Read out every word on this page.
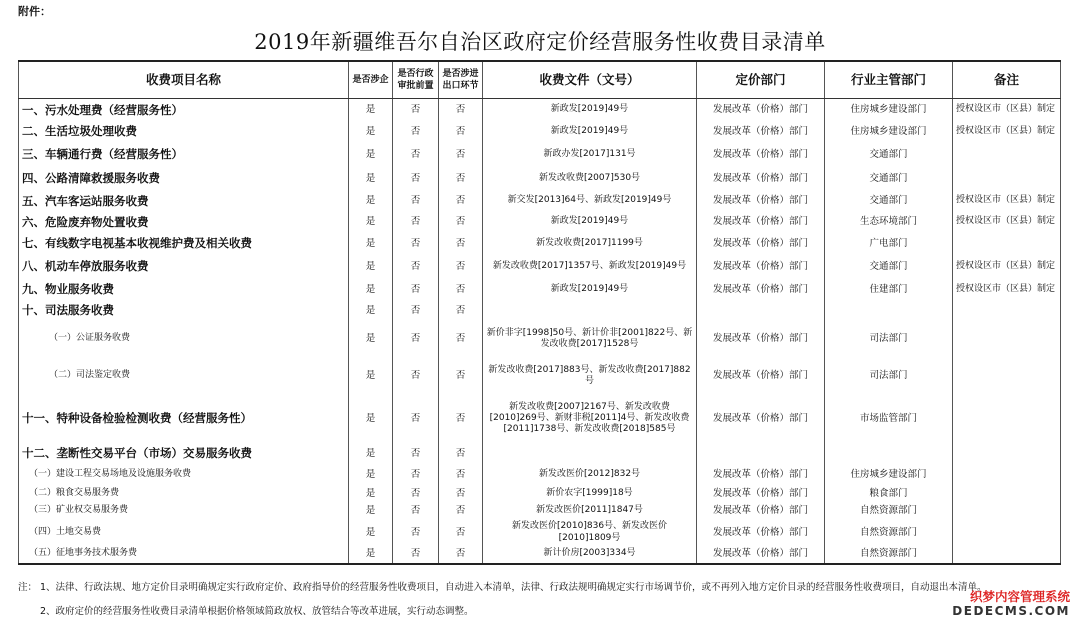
附件：
2019年新疆维吾尔自治区政府定价经营服务性收费目录清单
收费项目名称	是否涉企	是否行政审批前置	是否涉进出口环节	收费文件（文号）	定价部门	行业主管部门	备注
一、污水处理费（经营服务性）	是	否	否	新政发[2019]49号	发展改革（价格）部门	住房城乡建设部门	授权设区市（区县）制定
二、生活垃圾处理收费	是	否	否	新政发[2019]49号	发展改革（价格）部门	住房城乡建设部门	授权设区市（区县）制定
三、车辆通行费（经营服务性）	是	否	否	新政办发[2017]131号	发展改革（价格）部门	交通部门	
四、公路清障救援服务收费	是	否	否	新发改收费[2007]530号	发展改革（价格）部门	交通部门	
五、汽车客运站服务收费	是	否	否	新交发[2013]64号、新政发[2019]49号	发展改革（价格）部门	交通部门	授权设区市（区县）制定
六、危险废弃物处置收费	是	否	否	新政发[2019]49号	发展改革（价格）部门	生态环境部门	授权设区市（区县）制定
七、有线数字电视基本收视维护费及相关收费	是	否	否	新发改收费[2017]1199号	发展改革（价格）部门	广电部门	
八、机动车停放服务收费	是	否	否	新发改收费[2017]1357号、新政发[2019]49号	发展改革（价格）部门	交通部门	授权设区市（区县）制定
九、物业服务收费	是	否	否	新政发[2019]49号	发展改革（价格）部门	住建部门	授权设区市（区县）制定
十、司法服务收费	是	否	否				
（一）公证服务收费	是	否	否	新价非字[1998]50号、新计价非[2001]822号、新发改收费[2017]1528号	发展改革（价格）部门	司法部门	
（二）司法鉴定收费	是	否	否	新发改收费[2017]883号、新发改收费[2017]882号	发展改革（价格）部门	司法部门	
十一、特种设备检验检测收费（经营服务性）	是	否	否	新发改收费[2007]2167号、新发改收费[2010]269号、新财非税[2011]4号、新发改收费[2011]1738号、新发改收费[2018]585号	发展改革（价格）部门	市场监管部门	
十二、垄断性交易平台（市场）交易服务收费	是	否	否				
（一）建设工程交易场地及设施服务收费	是	否	否	新发改医价[2012]832号	发展改革（价格）部门	住房城乡建设部门	
（二）粮食交易服务费	是	否	否	新价农字[1999]18号	发展改革（价格）部门	粮食部门	
（三）矿业权交易服务费	是	否	否	新发改医价[2011]1847号	发展改革（价格）部门	自然资源部门	
（四）土地交易费	是	否	否	新发改医价[2010]836号、新发改医价[2010]1809号	发展改革（价格）部门	自然资源部门	
（五）征地事务技术服务费	是	否	否	新计价房[2003]334号	发展改革（价格）部门	自然资源部门	
注： 1、法律、行政法规、地方定价目录明确规定实行政府定价、政府指导价的经营服务性收费项目，自动进入本清单，法律、行政法规明确规定实行市场调节价，或不再列入地方定价目录的经营服务性收费项目，自动退出本清单。
2、政府定价的经营服务性收费目录清单根据价格领域简政放权、放管结合等改革进展，实行动态调整。
织梦内容管理系统
DEDECMS.COM
